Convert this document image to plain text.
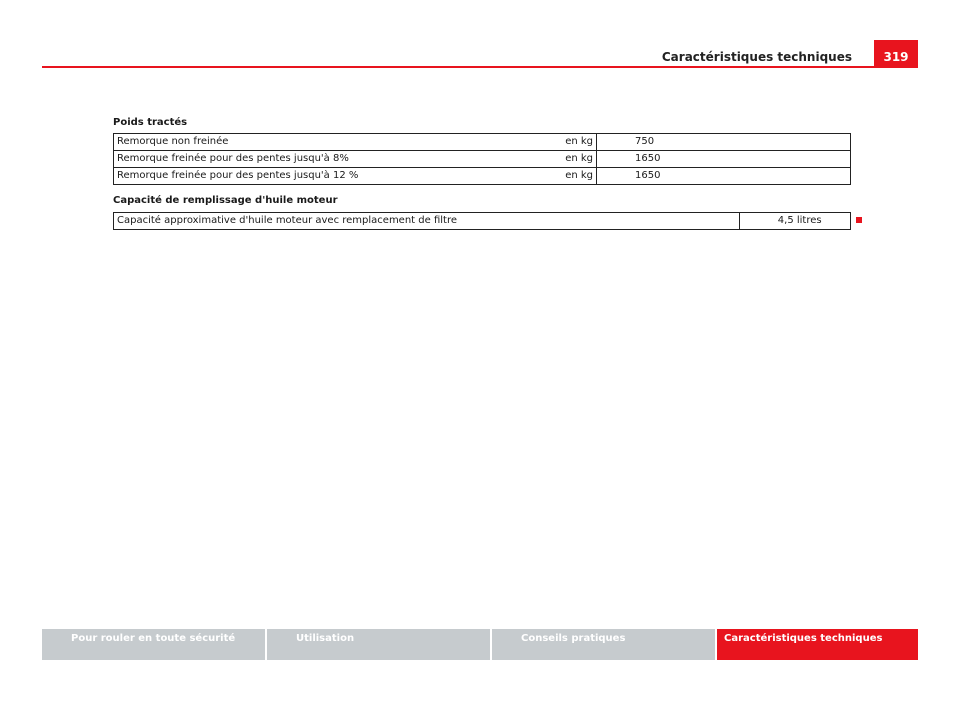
Caractéristiques techniques	319
Poids tractés
Remorque non freinée	en kg	750
Remorque freinée pour des pentes jusqu'à 8%	en kg	1650
Remorque freinée pour des pentes jusqu'à 12 %	en kg	1650
Capacité de remplissage d'huile moteur
Capacité approximative d'huile moteur avec remplacement de filtre	4,5 litres
Pour rouler en toute sécurité	Utilisation	Conseils pratiques	Caractéristiques techniques
